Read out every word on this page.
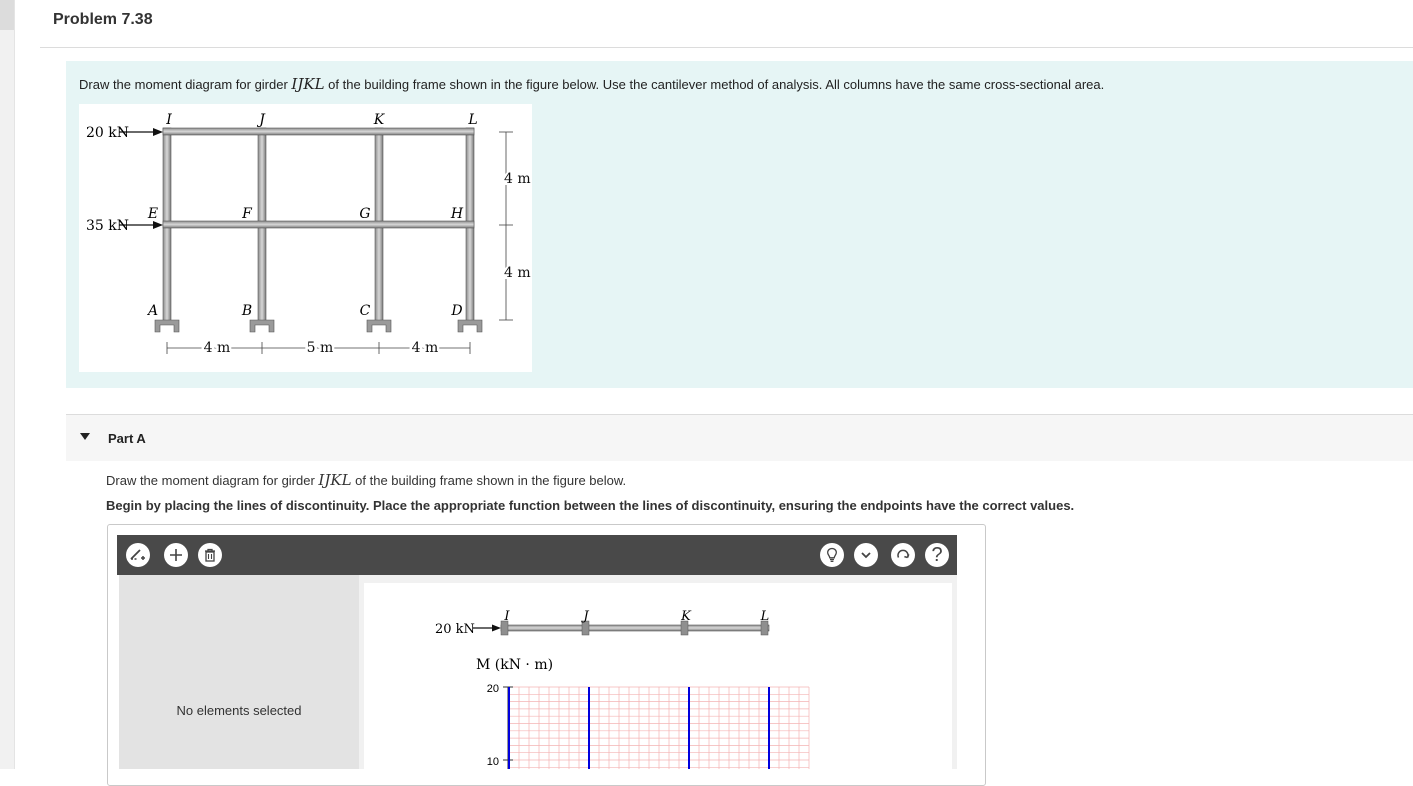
Problem 7.38
Draw the moment diagram for girder IJKL of the building frame shown in the figure below. Use the cantilever method of analysis. All columns have the same cross-sectional area.
I	J	K	L
E	F	G	H
A	B	C	D
20 kN
35 kN
4 m
4 m
4 m	5 m	4 m
Part A
Draw the moment diagram for girder IJKL of the building frame shown in the figure below.
Begin by placing the lines of discontinuity. Place the appropriate function between the lines of discontinuity, ensuring the endpoints have the correct values.
?
No elements selected
20 kN
I	J	K	L
M (kN · m)
20
10
